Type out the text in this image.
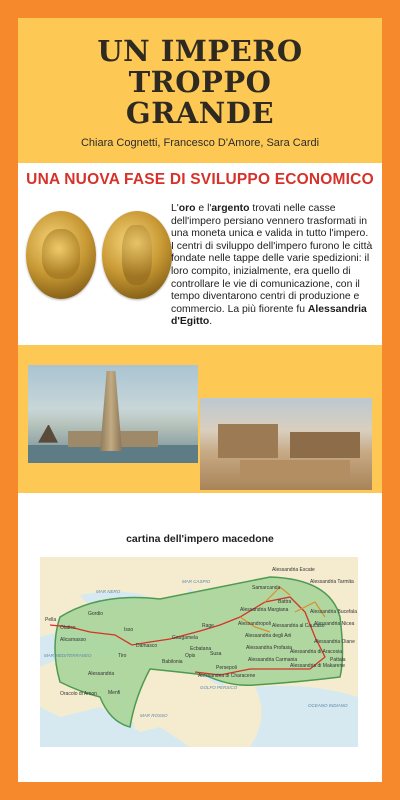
UN IMPERO
TROPPO
GRANDE
Chiara Cognetti, Francesco D'Amore, Sara Cardi
UNA NUOVA FASE DI SVILUPPO ECONOMICO
L'oro e l'argento trovati nelle casse dell'impero persiano vennero trasformati in una moneta unica e valida in tutto l'impero.
I centri di sviluppo dell'impero furono le città fondate nelle tappe delle varie spedizioni: il loro compito, inizialmente, era quello di controllare le vie di comunicazione, con il tempo diventarono centri di produzione e commercio. La più fiorente fu Alessandria d'Egitto.
cartina dell'impero macedone
Pella
Gordio
Isso
Tiro
Damasco
Alessandria
Menfi
Oracolo di Amon
Gaugamela
Babilonia
Susa
Persepoli
Ecbatana
Rage
Opis
Samarcanda
Battra
Alessandria Escate
Alessandria Margiana
Alessandropoli
Alessandria degli Arii
Alessandria al Caucaso
Alessandria Bucefala
Alessandria Nicea
Alessandria Oiane
Alessandria Tarmita
Alessandria Profasia
Alessandria Carmania
Alessandria di Aracosia
Alessandria di Makarene
Pattala
Alessandria di Characene
Olatico
Alicarnasso
MAR NERO
MAR CASPIO
MAR MEDITERRANEO
MAR ROSSO
OCEANO INDIANO
GOLFO PERSICO
